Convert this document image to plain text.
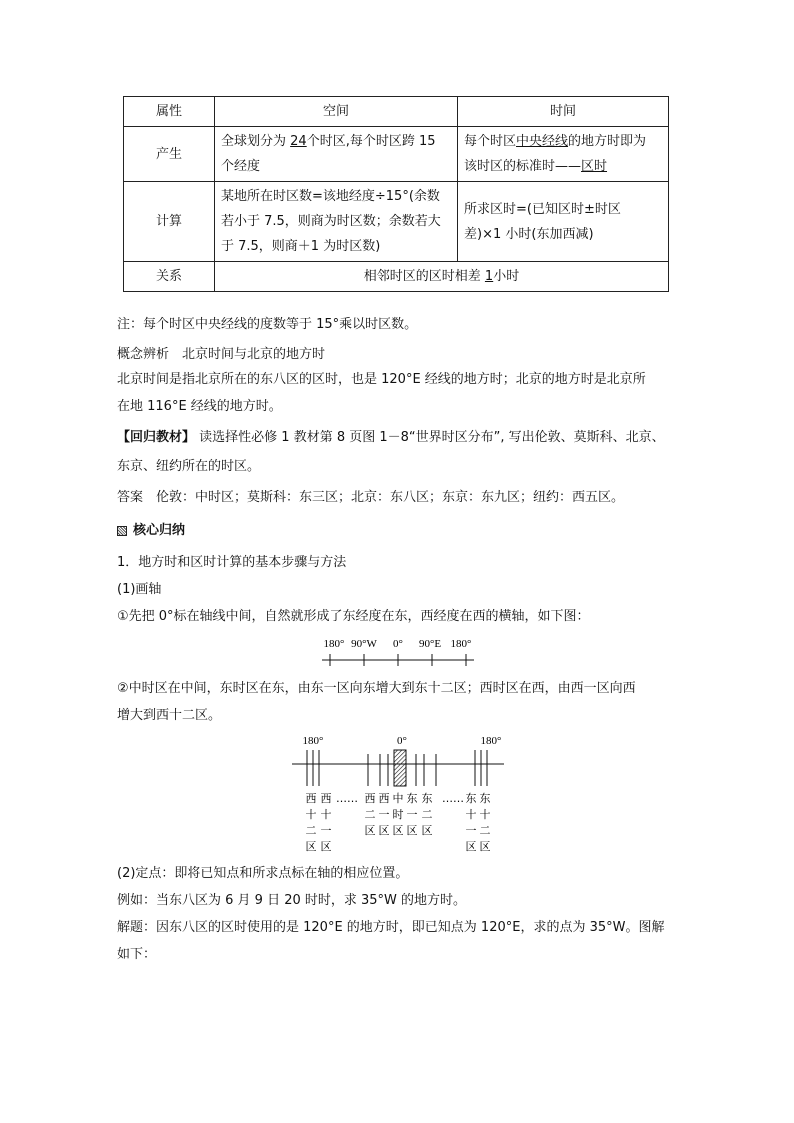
属性	空间	时间
产生	全球划分为 24个时区,每个时区跨 15
个经度	每个时区中央经线的地方时即为
该时区的标准时——区时
计算	某地所在时区数=该地经度÷15°(余数
若小于 7.5，则商为时区数；余数若大
于 7.5，则商＋1 为时区数)	所求区时=(已知区时±时区
差)×1 小时(东加西减)
关系	相邻时区的区时相差 1小时	
注：每个时区中央经线的度数等于 15°乘以时区数。
概念辨析　北京时间与北京的地方时
北京时间是指北京所在的东八区的区时，也是 120°E 经线的地方时；北京的地方时是北京所
在地 116°E 经线的地方时。
【回归教材】 读选择性必修 1 教材第 8 页图 1－8“世界时区分布”, 写出伦敦、莫斯科、北京、
东京、纽约所在的时区。
答案　伦敦：中时区；莫斯科：东三区；北京：东八区；东京：东九区；纽约：西五区。
核心归纳
1．地方时和区时计算的基本步骤与方法
(1)画轴
①先把 0°标在轴线中间，自然就形成了东经度在东，西经度在西的横轴，如下图：
180° 90°W 0° 90°E 180°
②中时区在中间，东时区在东，由东一区向东增大到东十二区；西时区在西，由西一区向西
增大到西十二区。
180°	0°	180°
……	……
西
十
二
区
西
十
一
区
西
二
区
西
一
区
中
时
区
东
一
区
东
二
区
东
十
一
区
东
十
二
区
(2)定点：即将已知点和所求点标在轴的相应位置。
例如：当东八区为 6 月 9 日 20 时时，求 35°W 的地方时。
解题：因东八区的区时使用的是 120°E 的地方时，即已知点为 120°E，求的点为 35°W。图解
如下：
